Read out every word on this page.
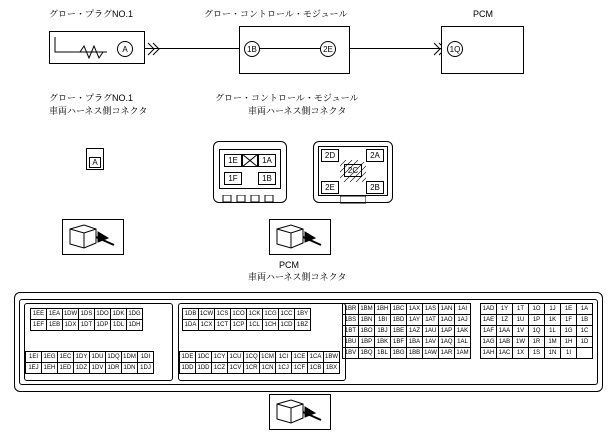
グロー・プラグNO.1	グロー・コントロール・モジュール	PCM
A	1B	2E	1Q
グロー・プラグNO.1
車両ハーネス側コネクタ
グロー・コントロール・モジュール
車両ハーネス側コネクタ
A	1E	1A
1F	1B
2D	2A
2C
2E	2B
PCM
車両ハーネス側コネクタ
1EE	1EA	1DW	1DS	1DO	1DK	1DG
1EF	1EB	1DX	1DT	1DP	1DL	1DH
1EI	1EG	1EC	1DY	1DU	1DQ	1DM	1DI
1EJ	1EH	1ED	1DZ	1DV	1DR	1DN	1DJ
1DB	1CW	1CS	1CO	1CK	1CG	1CC	1BY
1DA	1CX	1CT	1CP	1CL	1CH	1CD	1BZ
1DE	1DC	1CY	1CU	1CQ	1CM	1CI	1CE	1CA	1BW
1DD	1DD	1CZ	1CV	1CR	1CN	1CJ	1CF	1CB	1BX
1BR	1BM	1BH	1BC	1AX	1AS	1AN	1AI
1BS	1BN	1BI	1BD	1AY	1AT	1AO	1AJ
1BT	1BO	1BJ	1BE	1AZ	1AU	1AP	1AK
1BU	1BP	1BK	1BF	1BA	1AV	1AQ	1AL
1BV	1BQ	1BL	1BG	1BB	1AW	1AR	1AM
1AD	1Y	1T	1O	1J	1E	1A
1AE	1Z	1U	1P	1K	1F	1B
1AF	1AA	1V	1Q	1L	1G	1C
1AG	1AB	1W	1R	1M	1H	1D
1AH	1AC	1X	1S	1N	1I	
